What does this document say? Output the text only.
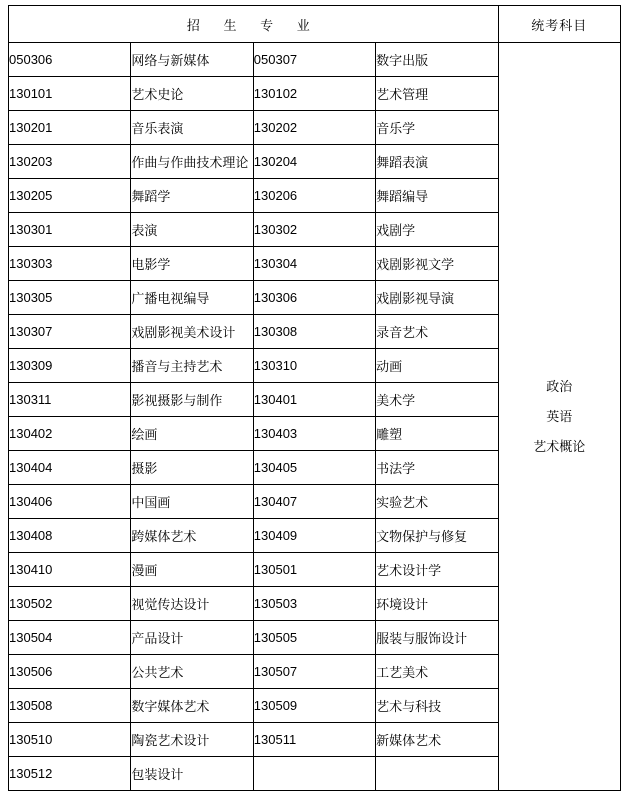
招 生 专 业				统考科目
050306	网络与新媒体	050307	数字出版	政治
英语
艺术概论

130101	艺术史论	130102	艺术管理	
130201	音乐表演	130202	音乐学	
130203	作曲与作曲技术理论	130204	舞蹈表演	
130205	舞蹈学	130206	舞蹈编导	
130301	表演	130302	戏剧学	
130303	电影学	130304	戏剧影视文学	
130305	广播电视编导	130306	戏剧影视导演	
130307	戏剧影视美术设计	130308	录音艺术	
130309	播音与主持艺术	130310	动画	
130311	影视摄影与制作	130401	美术学	
130402	绘画	130403	雕塑	
130404	摄影	130405	书法学	
130406	中国画	130407	实验艺术	
130408	跨媒体艺术	130409	文物保护与修复	
130410	漫画	130501	艺术设计学	
130502	视觉传达设计	130503	环境设计	
130504	产品设计	130505	服装与服饰设计	
130506	公共艺术	130507	工艺美术	
130508	数字媒体艺术	130509	艺术与科技	
130510	陶瓷艺术设计	130511	新媒体艺术	
130512	包装设计			
